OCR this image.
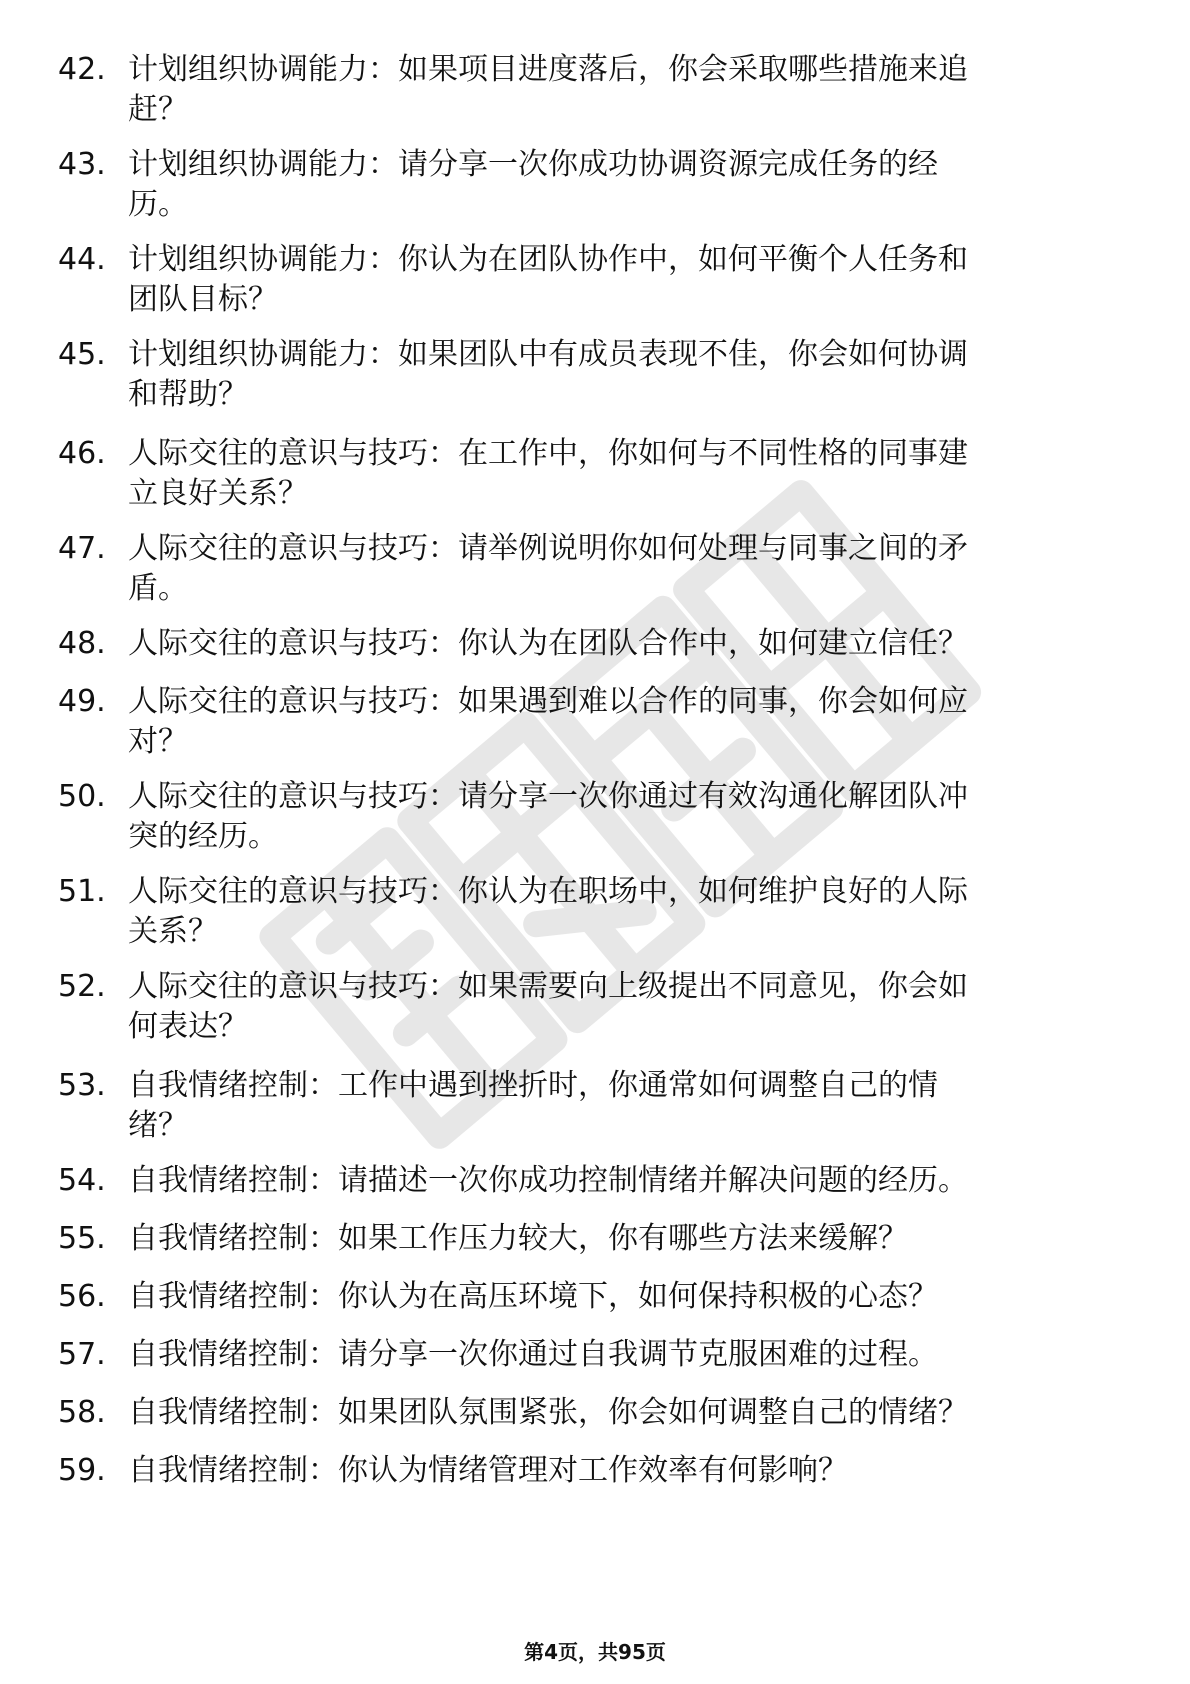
42. 计划组织协调能力：如果项目进度落后，你会采取哪些措施来追
赶？
43. 计划组织协调能力：请分享一次你成功协调资源完成任务的经
历。
44. 计划组织协调能力：你认为在团队协作中，如何平衡个人任务和
团队目标？
45. 计划组织协调能力：如果团队中有成员表现不佳，你会如何协调
和帮助？
46. 人际交往的意识与技巧：在工作中，你如何与不同性格的同事建
立良好关系？
47. 人际交往的意识与技巧：请举例说明你如何处理与同事之间的矛
盾。
48. 人际交往的意识与技巧：你认为在团队合作中，如何建立信任？
49. 人际交往的意识与技巧：如果遇到难以合作的同事，你会如何应
对？
50. 人际交往的意识与技巧：请分享一次你通过有效沟通化解团队冲
突的经历。
51. 人际交往的意识与技巧：你认为在职场中，如何维护良好的人际
关系？
52. 人际交往的意识与技巧：如果需要向上级提出不同意见，你会如
何表达？
53. 自我情绪控制：工作中遇到挫折时，你通常如何调整自己的情
绪？
54. 自我情绪控制：请描述一次你成功控制情绪并解决问题的经历。
55. 自我情绪控制：如果工作压力较大，你有哪些方法来缓解？
56. 自我情绪控制：你认为在高压环境下，如何保持积极的心态？
57. 自我情绪控制：请分享一次你通过自我调节克服困难的过程。
58. 自我情绪控制：如果团队氛围紧张，你会如何调整自己的情绪？
59. 自我情绪控制：你认为情绪管理对工作效率有何影响？
第4页，共95页
